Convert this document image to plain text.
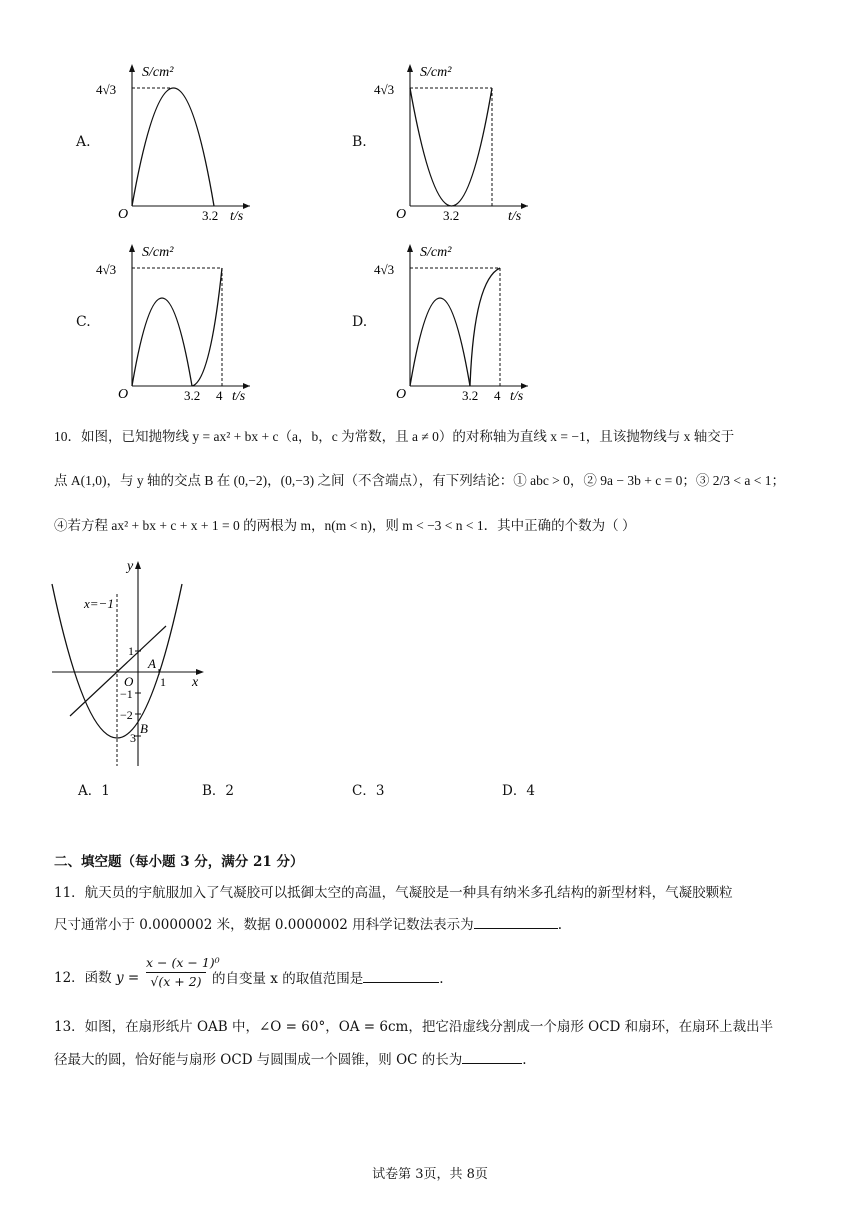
A.	B.
C.	D.
S/cm²
4√3
O	3.2 t/s
S/cm²
4√3
O	3.2	t/s
S/cm²
4√3
O	3.2 4 t/s
S/cm²
4√3
O	3.2 4 t/s
10．如图，已知抛物线 y = ax² + bx + c（a，b，c 为常数，且 a ≠ 0）的对称轴为直线 x = −1，且该抛物线与 x 轴交于
点 A(1,0)，与 y 轴的交点 B 在 (0,−2)，(0,−3) 之间（不含端点），有下列结论：① abc > 0，② 9a − 3b + c = 0；③ 2/3 < a < 1；
④若方程 ax² + bx + c + x + 1 = 0 的两根为 m，n(m < n)，则 m < −3 < n < 1．其中正确的个数为（ ）
y
x
x=−1
O
A
B
1
1
−1
−2
3
A．1	B．2	C．3	D．4
二、填空题（每小题 3 分，满分 21 分）
11．航天员的宇航服加入了气凝胶可以抵御太空的高温，气凝胶是一种具有纳米多孔结构的新型材料，气凝胶颗粒
尺寸通常小于 0.0000002 米，数据 0.0000002 用科学记数法表示为	.
12．函数 y =
x − (x − 1)⁰
√(x + 2) 的自变量 x 的取值范围是	.
13．如图，在扇形纸片 OAB 中，∠O = 60°，OA = 6cm，把它沿虚线分割成一个扇形 OCD 和扇环，在扇环上裁出半
径最大的圆，恰好能与扇形 OCD 与圆围成一个圆锥，则 OC 的长为	.
试卷第 3页，共 8页
